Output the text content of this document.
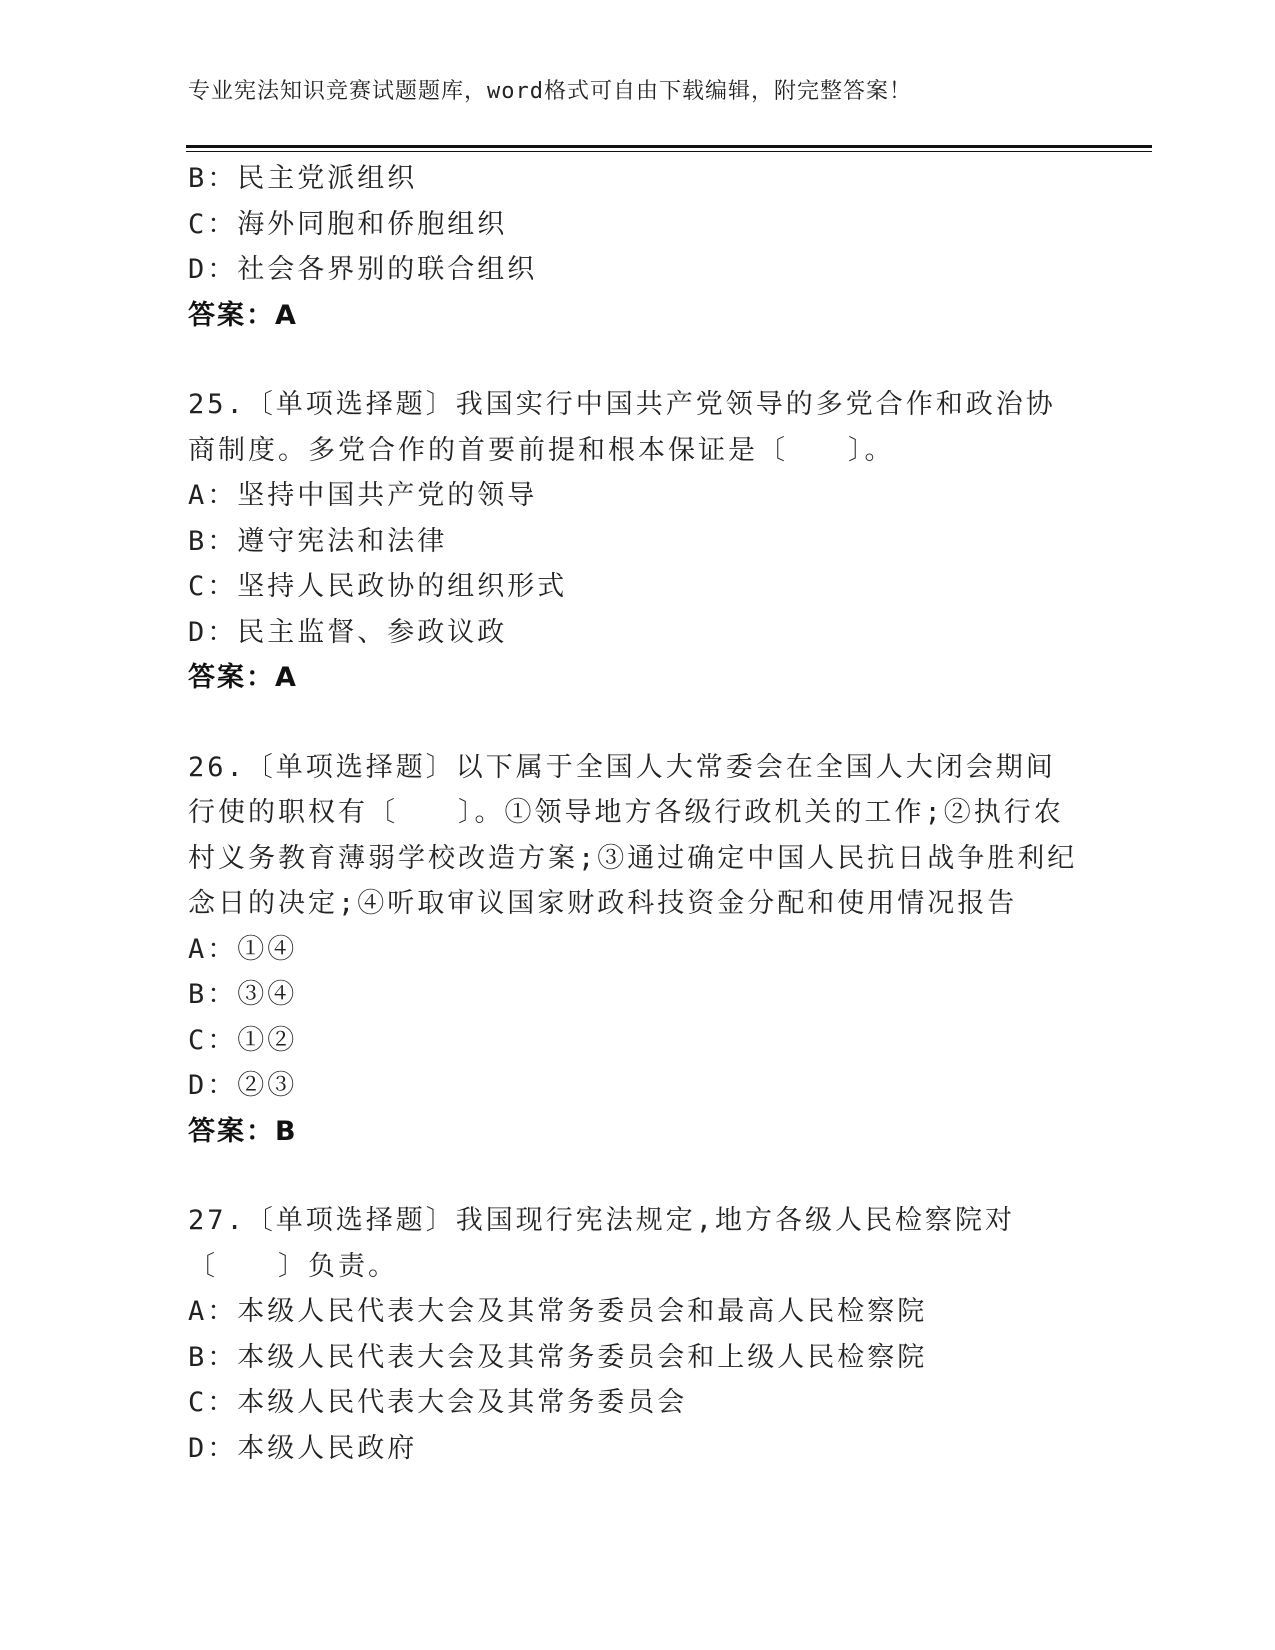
专业宪法知识竞赛试题题库，word格式可自由下载编辑，附完整答案！
B：民主党派组织
C：海外同胞和侨胞组织
D：社会各界别的联合组织
答案：A
25.〔单项选择题〕我国实行中国共产党领导的多党合作和政治协商制度。多党合作的首要前提和根本保证是〔　　〕。
A：坚持中国共产党的领导
B：遵守宪法和法律
C：坚持人民政协的组织形式
D：民主监督、参政议政
答案：A
26.〔单项选择题〕以下属于全国人大常委会在全国人大闭会期间行使的职权有〔　　〕。①领导地方各级行政机关的工作;②执行农村义务教育薄弱学校改造方案;③通过确定中国人民抗日战争胜利纪念日的决定;④听取审议国家财政科技资金分配和使用情况报告
A：①④
B：③④
C：①②
D：②③
答案：B
27.〔单项选择题〕我国现行宪法规定,地方各级人民检察院对〔　　〕负责。
A：本级人民代表大会及其常务委员会和最高人民检察院
B：本级人民代表大会及其常务委员会和上级人民检察院
C：本级人民代表大会及其常务委员会
D：本级人民政府
